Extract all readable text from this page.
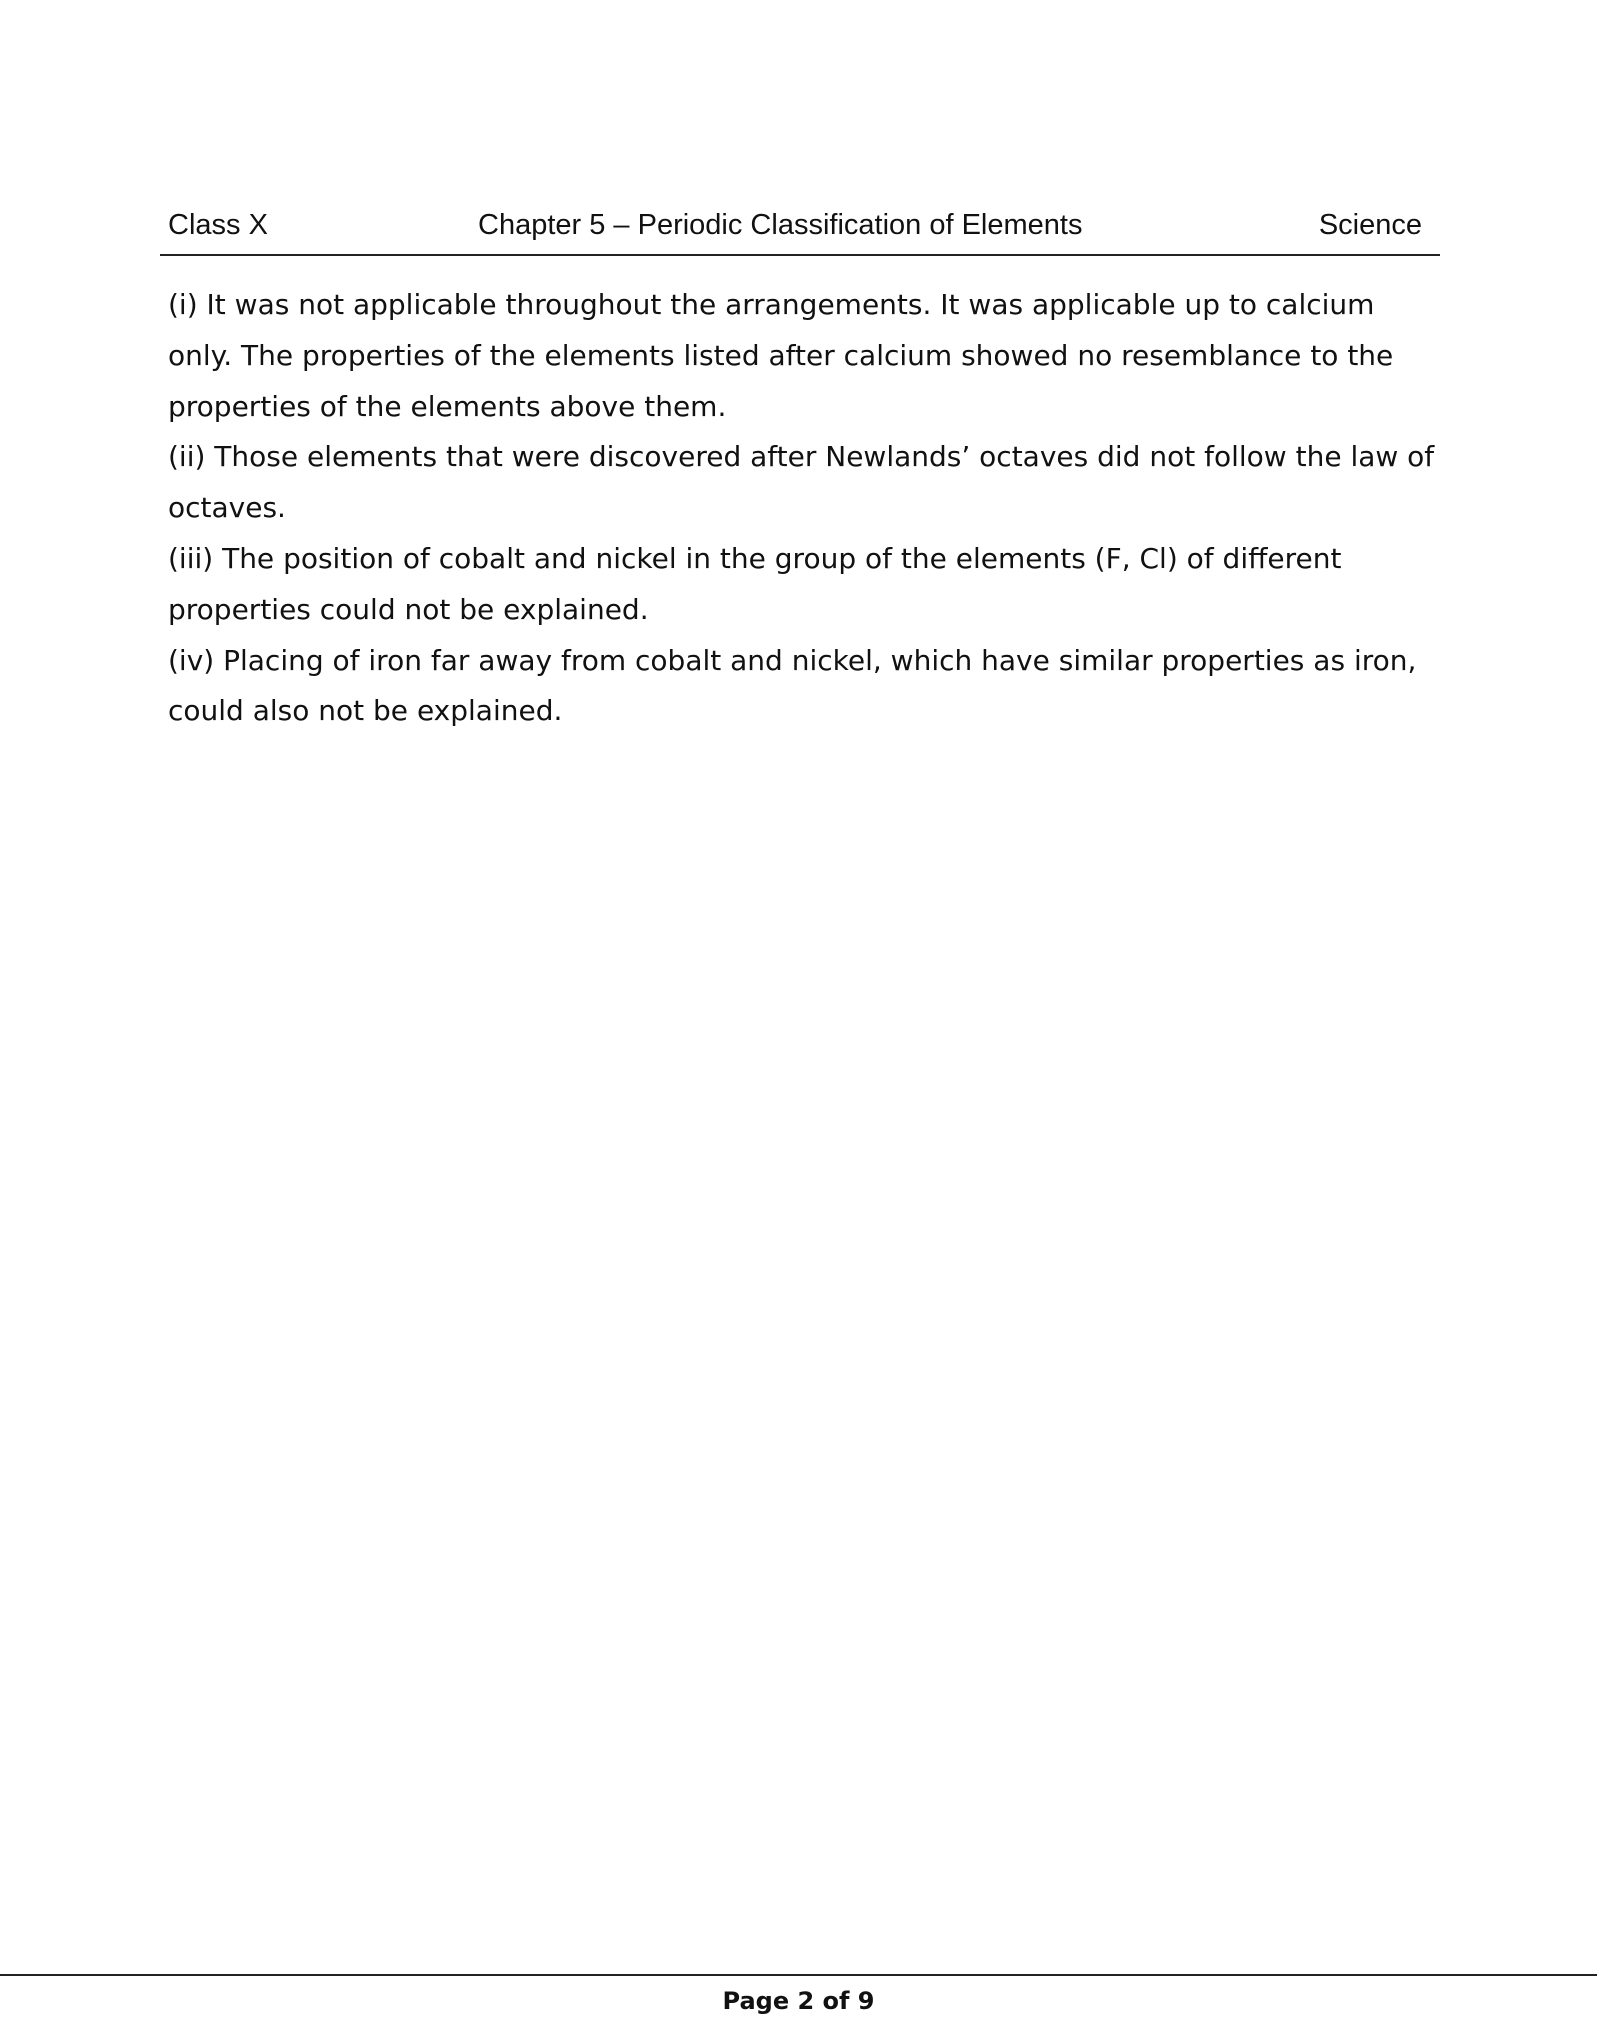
Class X	Chapter 5 – Periodic Classification of Elements	Science

(i) It was not applicable throughout the arrangements. It was applicable up to calcium only. The properties of the elements listed after calcium showed no resemblance to the properties of the elements above them.

(ii) Those elements that were discovered after Newlands’ octaves did not follow the law of octaves.

(iii) The position of cobalt and nickel in the group of the elements (F, Cl) of different properties could not be explained.

(iv) Placing of iron far away from cobalt and nickel, which have similar properties as iron, could also not be explained.

Page 2 of 9
